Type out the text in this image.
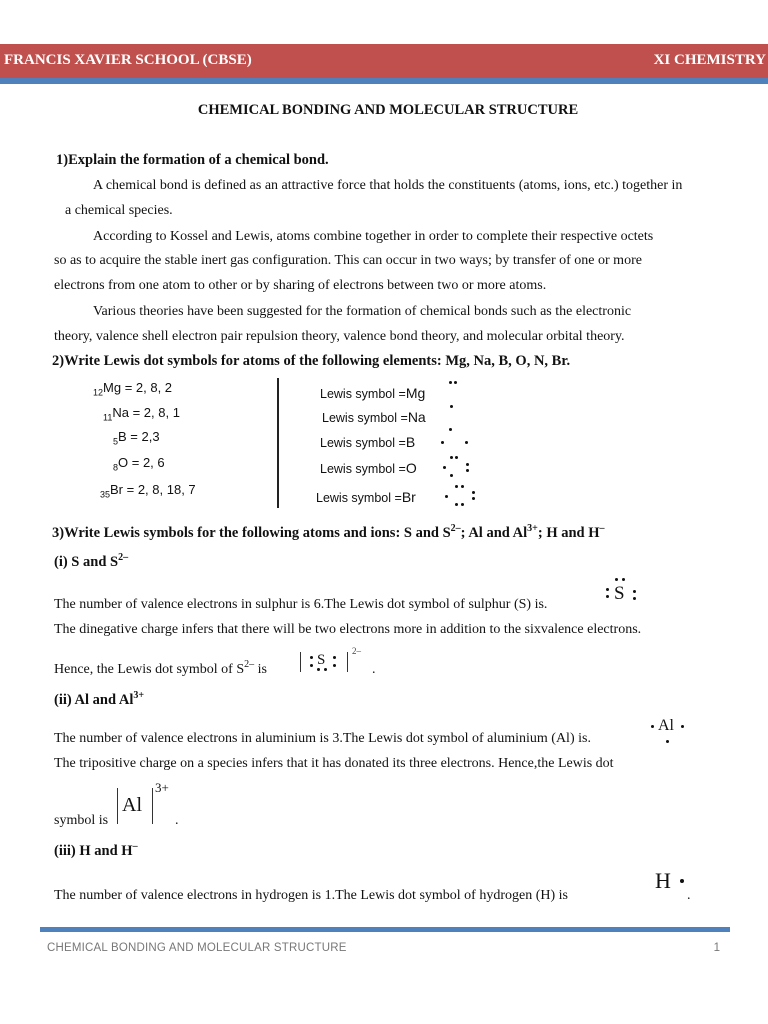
FRANCIS XAVIER SCHOOL (CBSE)	XI CHEMISTRY
CHEMICAL BONDING AND MOLECULAR STRUCTURE
1)Explain the formation of a chemical bond.
A chemical bond is defined as an attractive force that holds the constituents (atoms, ions, etc.) together in
a chemical species.
According to Kossel and Lewis, atoms combine together in order to complete their respective octets
so as to acquire the stable inert gas configuration. This can occur in two ways; by transfer of one or more
electrons from one atom to other or by sharing of electrons between two or more atoms.
Various theories have been suggested for the formation of chemical bonds such as the electronic
theory, valence shell electron pair repulsion theory, valence bond theory, and molecular orbital theory.
2)Write Lewis dot symbols for atoms of the following elements: Mg, Na, B, O, N, Br.
$_{12}$Mg = 2, 8, 2
$_{11}$Na = 2, 8, 1
$_5$B = 2,3
$_8$O = 2, 6
$_{35}$Br = 2, 8, 18, 7
Lewis symbol =Mg
Lewis symbol =Na
Lewis symbol =B
Lewis symbol =O
Lewis symbol =Br
3)Write Lewis symbols for the following atoms and ions: S and $S^{2-}$; Al and $Al^{3+}$; H and H–
(i) S and $S^{2-}$
The number of valence electrons in sulphur is 6.The Lewis dot symbol of sulphur (S) is.
S
The dinegative charge infers that there will be two electrons more in addition to the sixvalence electrons.
Hence, the Lewis dot symbol of $S^{2-}$ is
S
2–
.
(ii) Al and $Al^{3+}$
The number of valence electrons in aluminium is 3.The Lewis dot symbol of aluminium (Al) is.
Al
The tripositive charge on a species infers that it has donated its three electrons. Hence,the Lewis dot
symbol is
Al
3+
.
(iii) H and H–
The number of valence electrons in hydrogen is 1.The Lewis dot symbol of hydrogen (H) is
H
.
CHEMICAL BONDING AND MOLECULAR STRUCTURE	1
